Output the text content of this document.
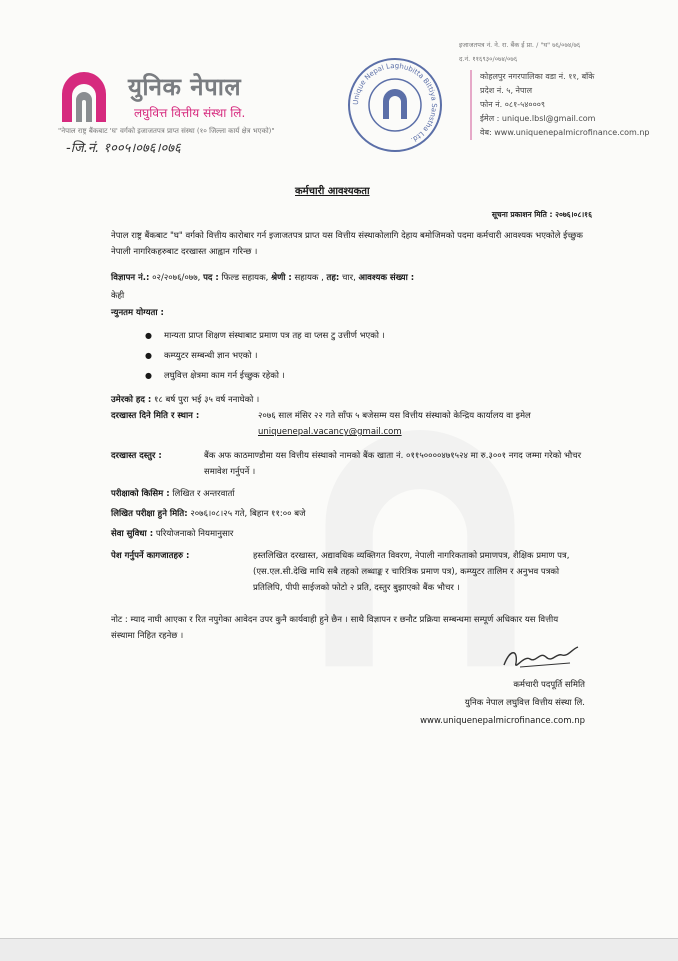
युनिक नेपाल
लघुवित्त वित्तीय संस्था लि.
"नेपाल राष्ट्र बैंकबाट 'घ' वर्गको इजाजतपत्र प्राप्त संस्था (१० जिल्ला कार्य क्षेत्र भएको)"
-जि.नं. १००५।०७६।०७६
Unique Nepal Laghubitta Bittiya Sanstha Ltd.
इजाजतपत्र नं. ने. रा. बैंक ई प्रा. / "घ" ७६/०७४/७६
द.नं. ११६९३०/०७४/०७६
कोहलपुर नगरपालिका वडा नं. ११, बाँके
प्रदेश नं. ५, नेपाल
फोन नं. ०८१-५४०००९
ईमेल : unique.lbsl@gmail.com
वेब: www.uniquenepalmicrofinance.com.np
कर्मचारी आवश्यकता
सूचना प्रकाशन मिति : २०७६।०८।१६
नेपाल राष्ट्र बैंकबाट "घ" वर्गको वित्तीय कारोबार गर्न इजाजतपत्र प्राप्त यस वित्तीय संस्थाकोलागि देहाय बमोजिमको पदमा कर्मचारी आवश्यक भएकोले ईच्छुक नेपाली नागरिकहरुबाट दरखास्त आह्वान गरिन्छ ।
विज्ञापन नं.: ०२/२०७६/०७७, पद : फिल्ड सहायक, श्रेणी : सहायक , तह: चार, आवश्यक संख्या :
केही
न्युनतम योग्यता :
● मान्यता प्राप्त शिक्षण संस्थाबाट प्रमाण पत्र तह वा प्लस टु उत्तीर्ण भएको ।
● कम्प्युटर सम्बन्धी ज्ञान भएको ।
● लघुवित्त क्षेत्रमा काम गर्न ईच्छुक रहेको ।
उमेरको हद : १८ बर्ष पुरा भई ३५ वर्ष ननाघेको ।
दरखास्त दिने मिति र स्थान :	२०७६ साल मंसिर २२ गते साँफ ५ बजेसम्म यस वित्तीय संस्थाको केन्द्रिय कार्यालय वा इमेल uniquenepal.vacancy@gmail.com
दरखास्त दस्तुर :	बैंक अफ काठमाण्डौमा यस वित्तीय संस्थाको नामको बैंक खाता नं. ०११५००००४७१५२४ मा रु.३००१ नगद जम्मा गरेको भौचर समावेश गर्नुपर्ने ।
परीक्षाको किसिम : लिखित र अन्तरवार्ता
लिखित परीक्षा हुने मिति: २०७६।०८।२५ गते, बिहान ११:०० बजे
सेवा सुविधा : परियोजनाको नियमानुसार
पेश गर्नुपर्ने कागजातहरु :	हस्तलिखित दरखास्त, अद्यावधिक व्यक्तिगत विवरण, नेपाली नागरिकताको प्रमाणपत्र, शैक्षिक प्रमाण पत्र, (एस.एल.सी.देखि माथि सबै तहको लब्धाङ्क र चारित्रिक प्रमाण पत्र), कम्प्युटर तालिम र अनुभव पत्रको प्रतिलिपि, पीपी साईजको फोटो २ प्रति, दस्तुर बुझाएको बैंक भौचर ।
नोट : म्याद नाघी आएका र रित नपुगेका आवेदन उपर कुनै कार्यवाही हुने छैन । साथै विज्ञापन र छनौट प्रक्रिया सम्बन्धमा सम्पूर्ण अधिकार यस वित्तीय संस्थामा निहित रहनेछ ।
कर्मचारी पदपूर्ति समिति
युनिक नेपाल लघुवित्त वित्तीय संस्था लि.
www.uniquenepalmicrofinance.com.np
